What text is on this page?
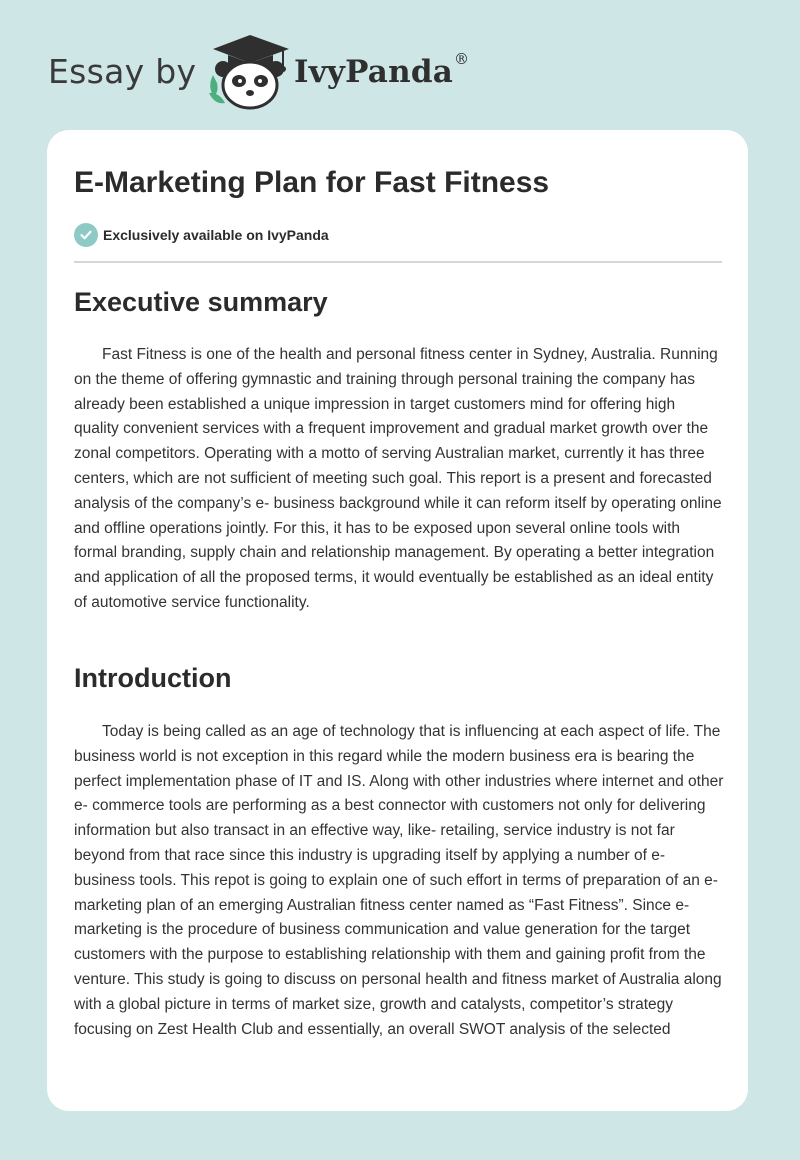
Essay by	IvyPanda®
E-Marketing Plan for Fast Fitness
Exclusively available on IvyPanda
Executive summary

Fast Fitness is one of the health and personal fitness center in Sydney, Australia. Running on the theme of offering gymnastic and training through personal training the company has already been established a unique impression in target customers mind for offering high quality convenient services with a frequent improvement and gradual market growth over the zonal competitors. Operating with a motto of serving Australian market, currently it has three centers, which are not sufficient of meeting such goal. This report is a present and forecasted analysis of the company’s e- business background while it can reform itself by operating online and offline operations jointly. For this, it has to be exposed upon several online tools with formal branding, supply chain and relationship management. By operating a better integration and application of all the proposed terms, it would eventually be established as an ideal entity of automotive service functionality.

Introduction

Today is being called as an age of technology that is influencing at each aspect of life. The business world is not exception in this regard while the modern business era is bearing the perfect implementation phase of IT and IS. Along with other industries where internet and other e- commerce tools are performing as a best connector with customers not only for delivering information but also transact in an effective way, like- retailing, service industry is not far beyond from that race since this industry is upgrading itself by applying a number of e- business tools. This repot is going to explain one of such effort in terms of preparation of an e- marketing plan of an emerging Australian fitness center named as “Fast Fitness”. Since e- marketing is the procedure of business communication and value generation for the target customers with the purpose to establishing relationship with them and gaining profit from the venture. This study is going to discuss on personal health and fitness market of Australia along with a global picture in terms of market size, growth and catalysts, competitor’s strategy focusing on Zest Health Club and essentially, an overall SWOT analysis of the selected
